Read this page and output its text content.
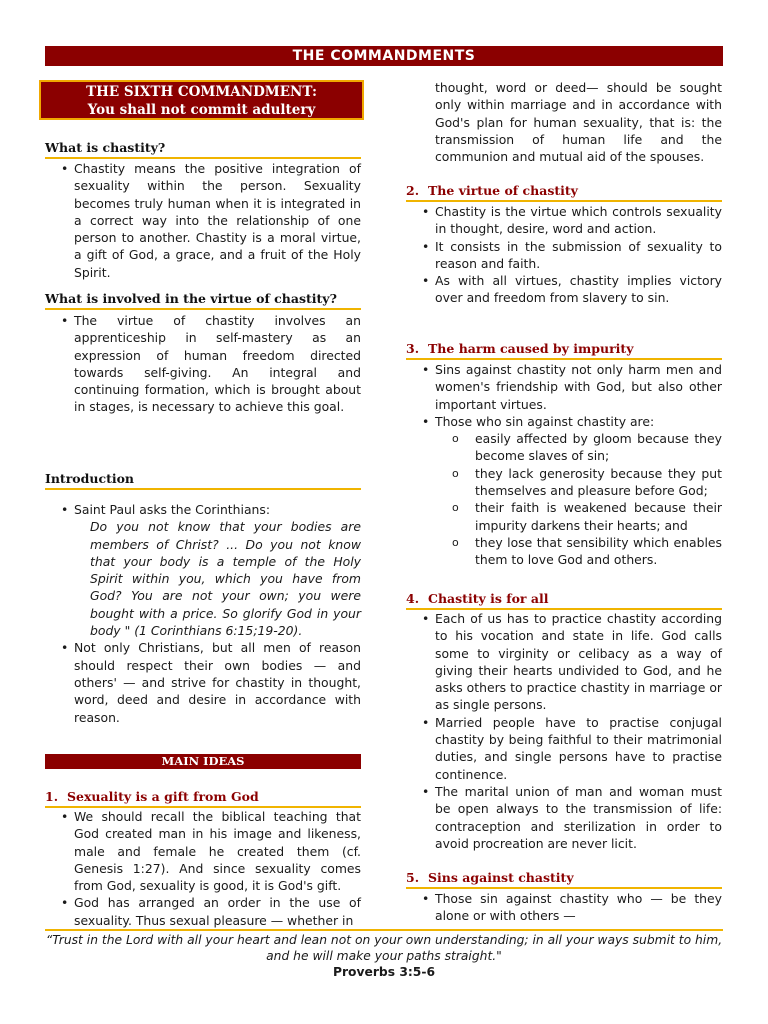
THE COMMANDMENTS
THE SIXTH COMMANDMENT:
You shall not commit adultery
What is chastity?
• Chastity means the positive integration of sexuality within the person. Sexuality becomes truly human when it is integrated in a correct way into the relationship of one person to another. Chastity is a moral virtue, a gift of God, a grace, and a fruit of the Holy Spirit.
What is involved in the virtue of chastity?
• The virtue of chastity involves an apprenticeship in self-mastery as an expression of human freedom directed towards self-giving. An integral and continuing formation, which is brought about in stages, is necessary to achieve this goal.
Introduction
• Saint Paul asks the Corinthians:
Do you not know that your bodies are members of Christ? ... Do you not know that your body is a temple of the Holy Spirit within you, which you have from God? You are not your own; you were bought with a price. So glorify God in your body " (1 Corinthians 6:15;19-20).
• Not only Christians, but all men of reason should respect their own bodies — and others' — and strive for chastity in thought, word, deed and desire in accordance with reason.
MAIN IDEAS
1. Sexuality is a gift from God
• We should recall the biblical teaching that God created man in his image and likeness, male and female he created them (cf. Genesis 1:27). And since sexuality comes from God, sexuality is good, it is God's gift.
• God has arranged an order in the use of sexuality. Thus sexual pleasure — whether in
thought, word or deed— should be sought only within marriage and in accordance with God's plan for human sexuality, that is: the transmission of human life and the communion and mutual aid of the spouses.
2. The virtue of chastity
• Chastity is the virtue which controls sexuality in thought, desire, word and action.
• It consists in the submission of sexuality to reason and faith.
• As with all virtues, chastity implies victory over and freedom from slavery to sin.
3. The harm caused by impurity
• Sins against chastity not only harm men and women's friendship with God, but also other important virtues.
• Those who sin against chastity are:
o easily affected by gloom because they become slaves of sin;
o they lack generosity because they put themselves and pleasure before God;
o their faith is weakened because their impurity darkens their hearts; and
o they lose that sensibility which enables them to love God and others.
4. Chastity is for all
• Each of us has to practice chastity according to his vocation and state in life. God calls some to virginity or celibacy as a way of giving their hearts undivided to God, and he asks others to practice chastity in marriage or as single persons.
• Married people have to practise conjugal chastity by being faithful to their matrimonial duties, and single persons have to practise continence.
• The marital union of man and woman must be open always to the transmission of life: contraception and sterilization in order to avoid procreation are never licit.
5. Sins against chastity
• Those sin against chastity who — be they alone or with others —
“Trust in the Lord with all your heart and lean not on your own understanding; in all your ways submit to him, and he will make your paths straight."
Proverbs 3:5-6
